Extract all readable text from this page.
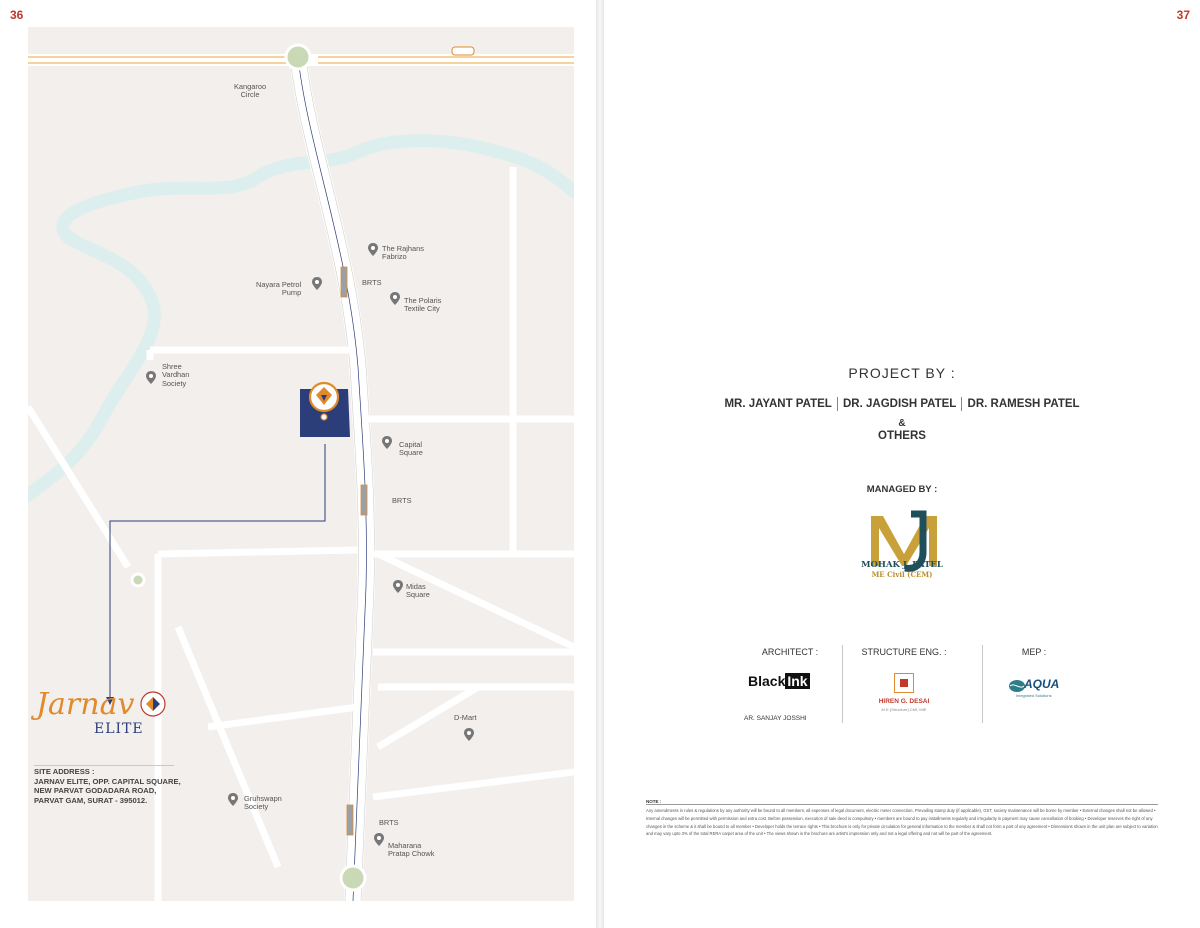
36
Kangaroo
Circle
The Rajhans
Fabrizo
BRTS
Nayara Petrol
Pump
The Polaris
Textile City
Shree
Vardhan
Society
Capital
Square
BRTS
Midas
Square
D-Mart
Gruhswapn
Society
BRTS
Maharana
Pratap Chowk
Jarnav
ELITE
SITE ADDRESS :
JARNAV ELITE, OPP. CAPITAL SQUARE,
NEW PARVAT GODADARA ROAD,
PARVAT GAM, SURAT - 395012.
37
PROJECT BY :
MR. JAYANT PATEL DR. JAGDISH PATEL DR. RAMESH PATEL
&
OTHERS
MANAGED BY :
MOHAK J. PATEL
ME Civil (CEM)
ARCHITECT :
Black Ink
AR. SANJAY JOSSHI
STRUCTURE ENG. :
HIREN G. DESAI
M.E.(Structure),CMI, MIE
MEP :
AQUA
Integrated Solutions
NOTE :
Any amendments in rules & regulations by any authority will be bound to all members, all expenses of legal document, electric meter connection, Prevailing stamp duty (if applicable), GST, society maintenance will be borne by member • External changes shall not be allowed • Internal changes will be permitted with permission and extra cost. Before possession, execution of sale deed is compulsory • members are bound to pay installments regularly and irregularity in payment may cause cancellation of booking • Developer reserves the right of any changes in the scheme & it shall be bound to all member • Developer holds the terrace rights • This brochure is only for private circulation for general information to the member & shall not form a part of any agreement • Dimensions shown in the unit plan are subject to variation and may vary upto 3% of the total RERA carpet area of the unit • The views shown in the brochure are artist's impression only and not a legal offering and not will be part of the agreement.
